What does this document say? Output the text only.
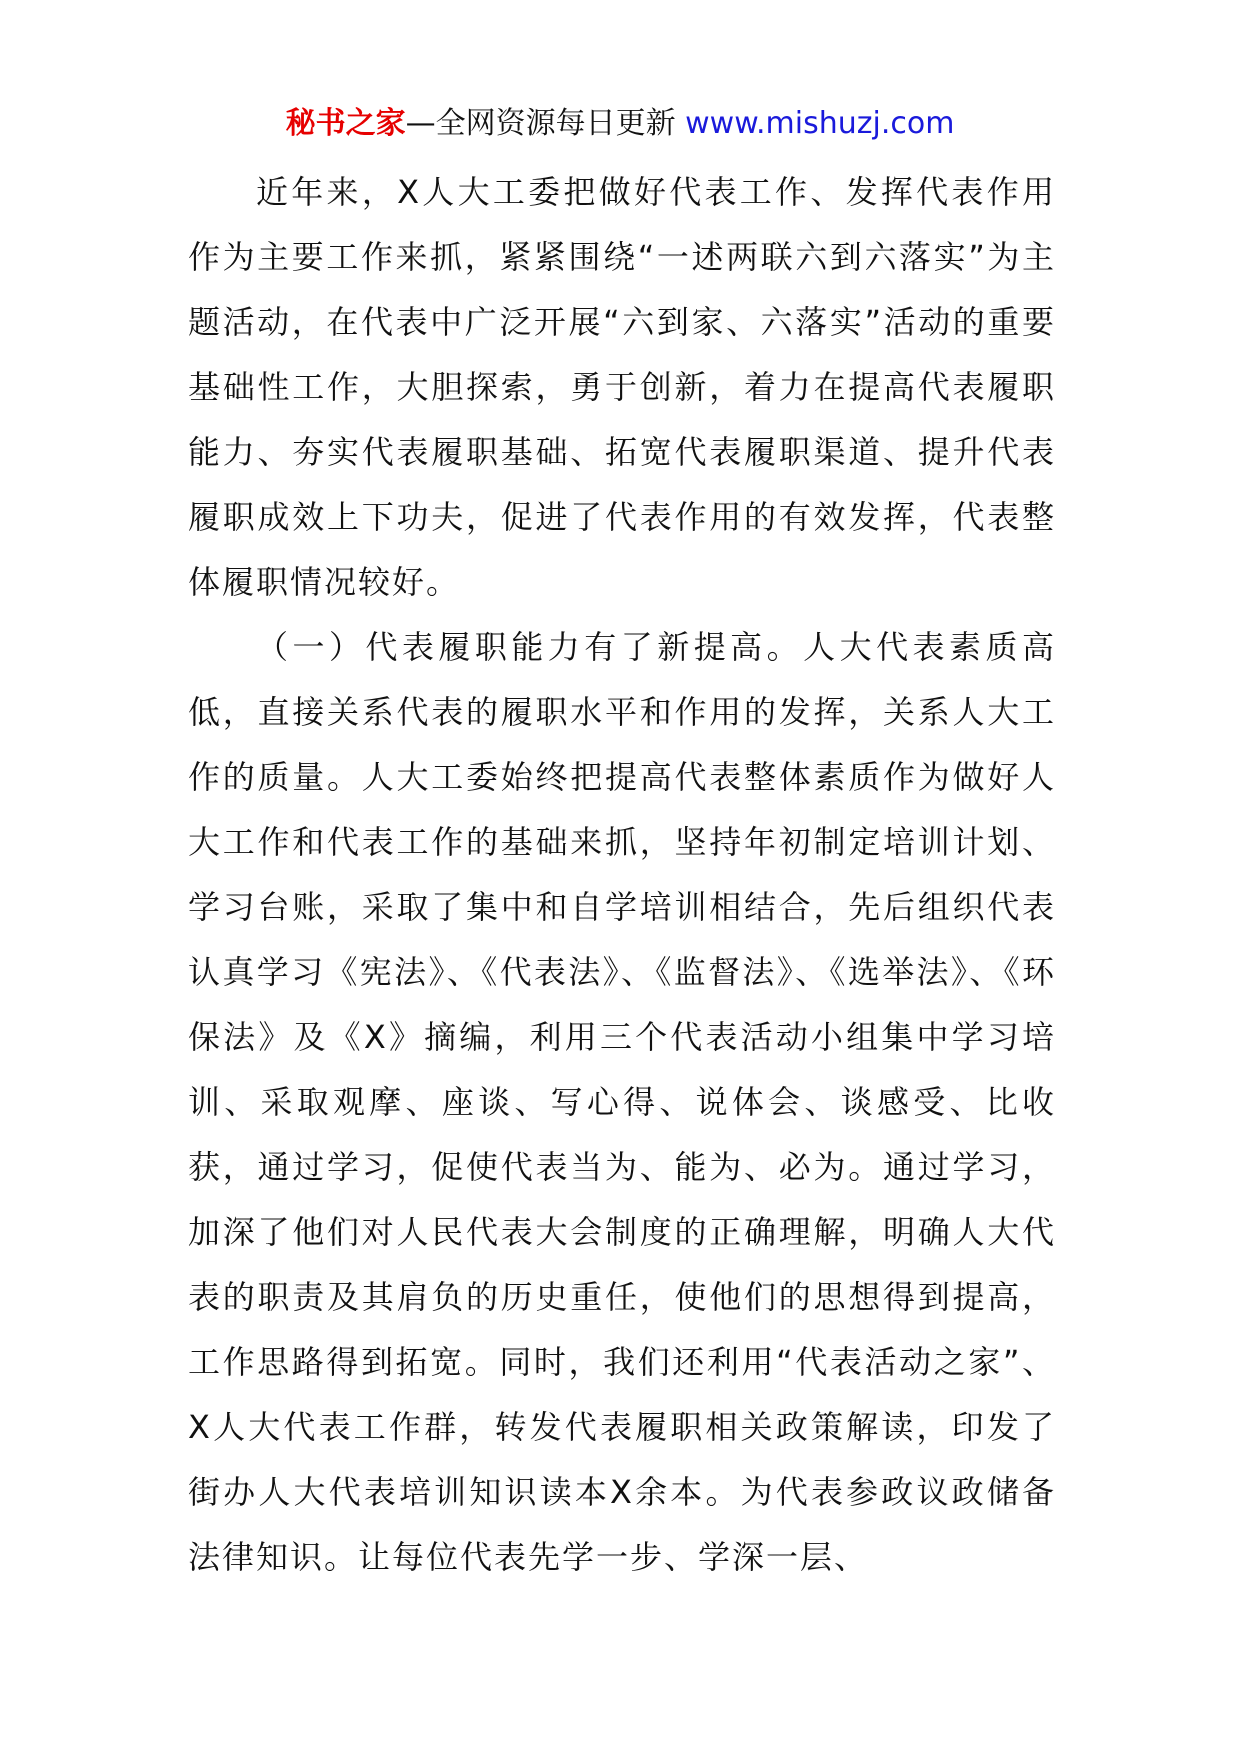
秘书之家—全网资源每日更新 www.mishuzj.com

近年来，X人大工委把做好代表工作、发挥代表作用作为主要工作来抓，紧紧围绕“一述两联六到六落实”为主题活动，在代表中广泛开展“六到家、六落实”活动的重要基础性工作，大胆探索，勇于创新，着力在提高代表履职能力、夯实代表履职基础、拓宽代表履职渠道、提升代表履职成效上下功夫，促进了代表作用的有效发挥，代表整体履职情况较好。

（一）代表履职能力有了新提高。人大代表素质高低，直接关系代表的履职水平和作用的发挥，关系人大工作的质量。人大工委始终把提高代表整体素质作为做好人大工作和代表工作的基础来抓，坚持年初制定培训计划、学习台账，采取了集中和自学培训相结合，先后组织代表认真学习《宪法》、《代表法》、《监督法》、《选举法》、《环保法》及《X》摘编，利用三个代表活动小组集中学习培训、采取观摩、座谈、写心得、说体会、谈感受、比收获，通过学习，促使代表当为、能为、必为。通过学习，加深了他们对人民代表大会制度的正确理解，明确人大代表的职责及其肩负的历史重任，使他们的思想得到提高，工作思路得到拓宽。同时，我们还利用“代表活动之家”、X人大代表工作群，转发代表履职相关政策解读，印发了街办人大代表培训知识读本X余本。为代表参政议政储备法律知识。让每位代表先学一步、学深一层、
